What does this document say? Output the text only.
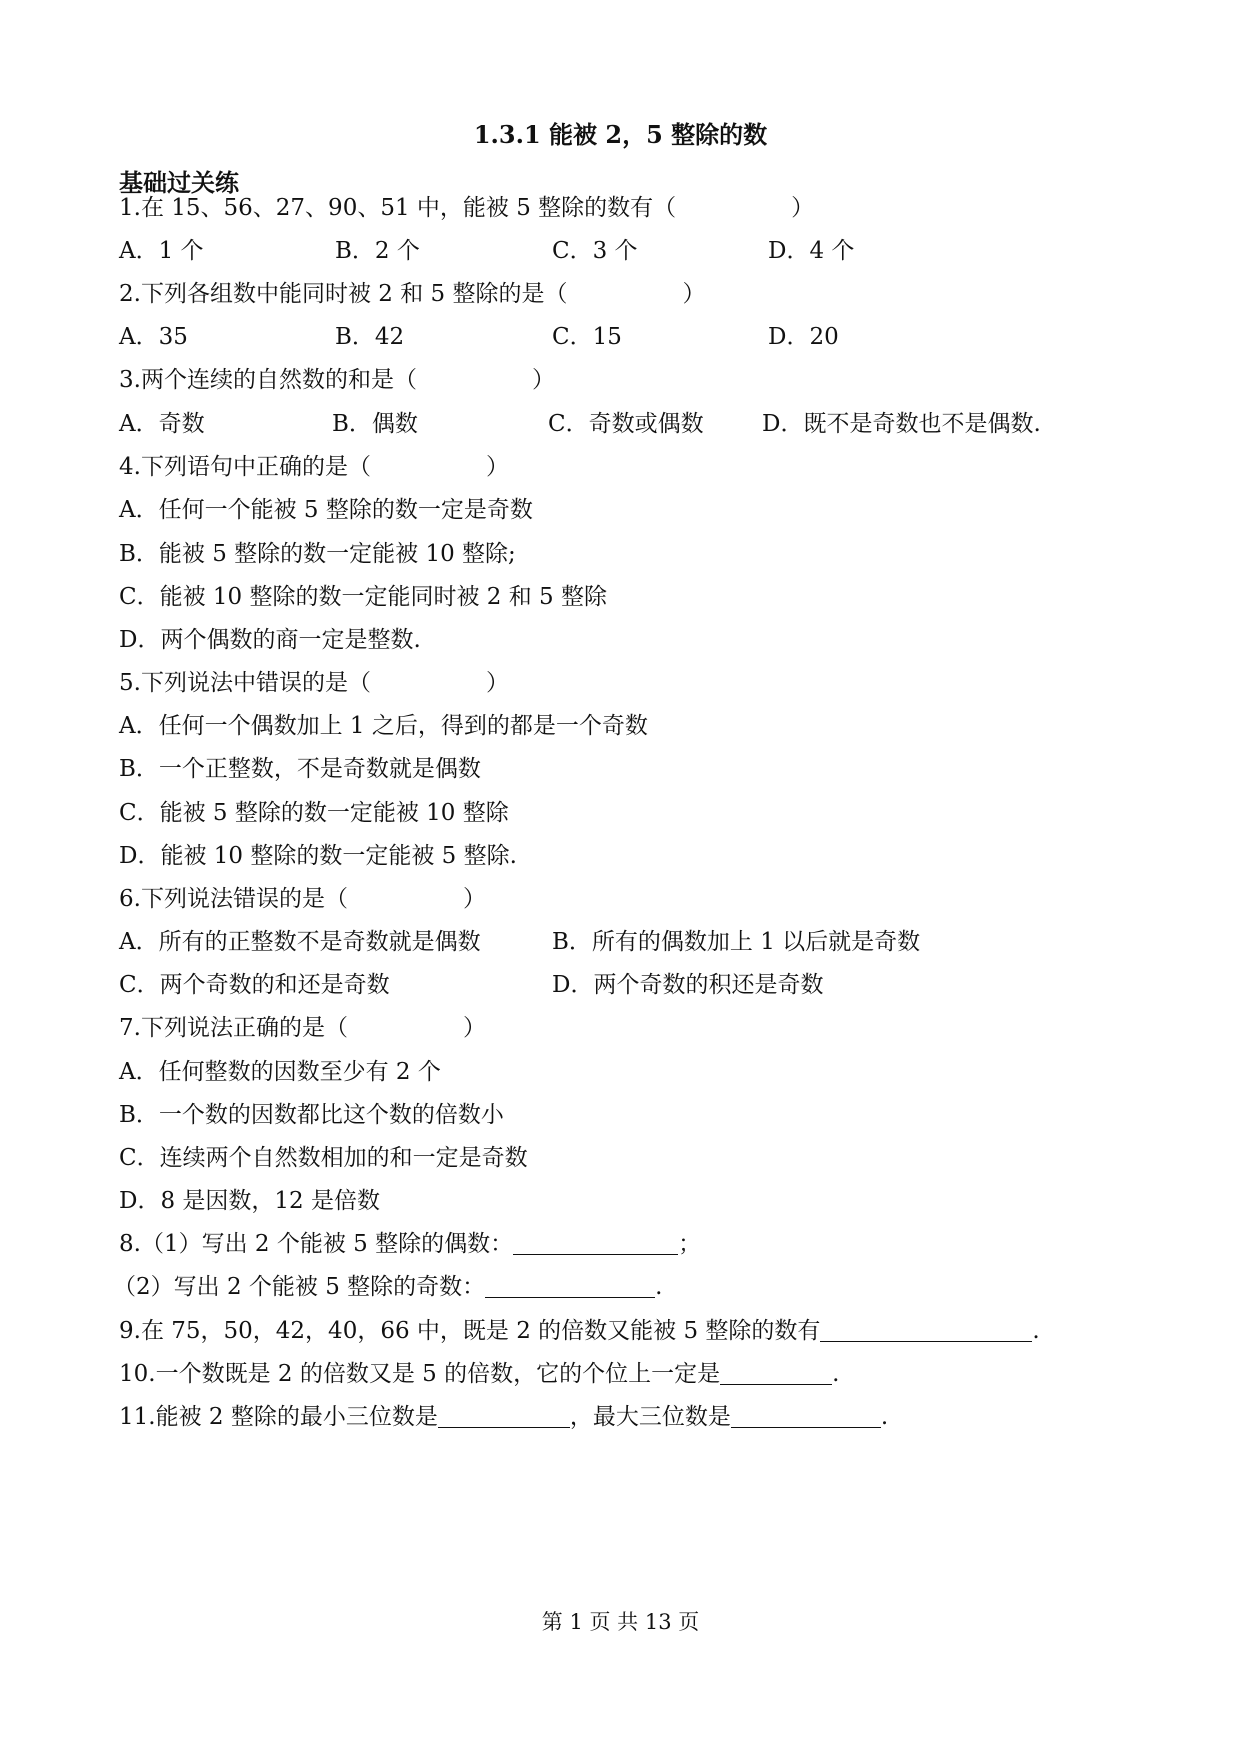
1.3.1 能被 2，5 整除的数
基础过关练
1.在 15、56、27、90、51 中，能被 5 整除的数有（　　　　　）
A．1 个	B．2 个	C．3 个	D．4 个
2.下列各组数中能同时被 2 和 5 整除的是（　　　　　）
A．35	B．42	C．15	D．20
3.两个连续的自然数的和是（　　　　　）
A．奇数	B．偶数	C．奇数或偶数	D．既不是奇数也不是偶数.
4.下列语句中正确的是（　　　　　）
A．任何一个能被 5 整除的数一定是奇数
B．能被 5 整除的数一定能被 10 整除;
C．能被 10 整除的数一定能同时被 2 和 5 整除
D．两个偶数的商一定是整数.
5.下列说法中错误的是（　　　　　）
A．任何一个偶数加上 1 之后，得到的都是一个奇数
B．一个正整数，不是奇数就是偶数
C．能被 5 整除的数一定能被 10 整除
D．能被 10 整除的数一定能被 5 整除.
6.下列说法错误的是（　　　　　）
A．所有的正整数不是奇数就是偶数	B．所有的偶数加上 1 以后就是奇数
C．两个奇数的和还是奇数	D．两个奇数的积还是奇数
7.下列说法正确的是（　　　　　）
A．任何整数的因数至少有 2 个
B．一个数的因数都比这个数的倍数小
C．连续两个自然数相加的和一定是奇数
D．8 是因数，12 是倍数
8.（1）写出 2 个能被 5 整除的偶数：	；
（2）写出 2 个能被 5 整除的奇数：	.
9.在 75，50，42，40，66 中，既是 2 的倍数又能被 5 整除的数有	.
10.一个数既是 2 的倍数又是 5 的倍数，它的个位上一定是	.
11.能被 2 整除的最小三位数是	，最大三位数是	.
第 1 页 共 13 页
